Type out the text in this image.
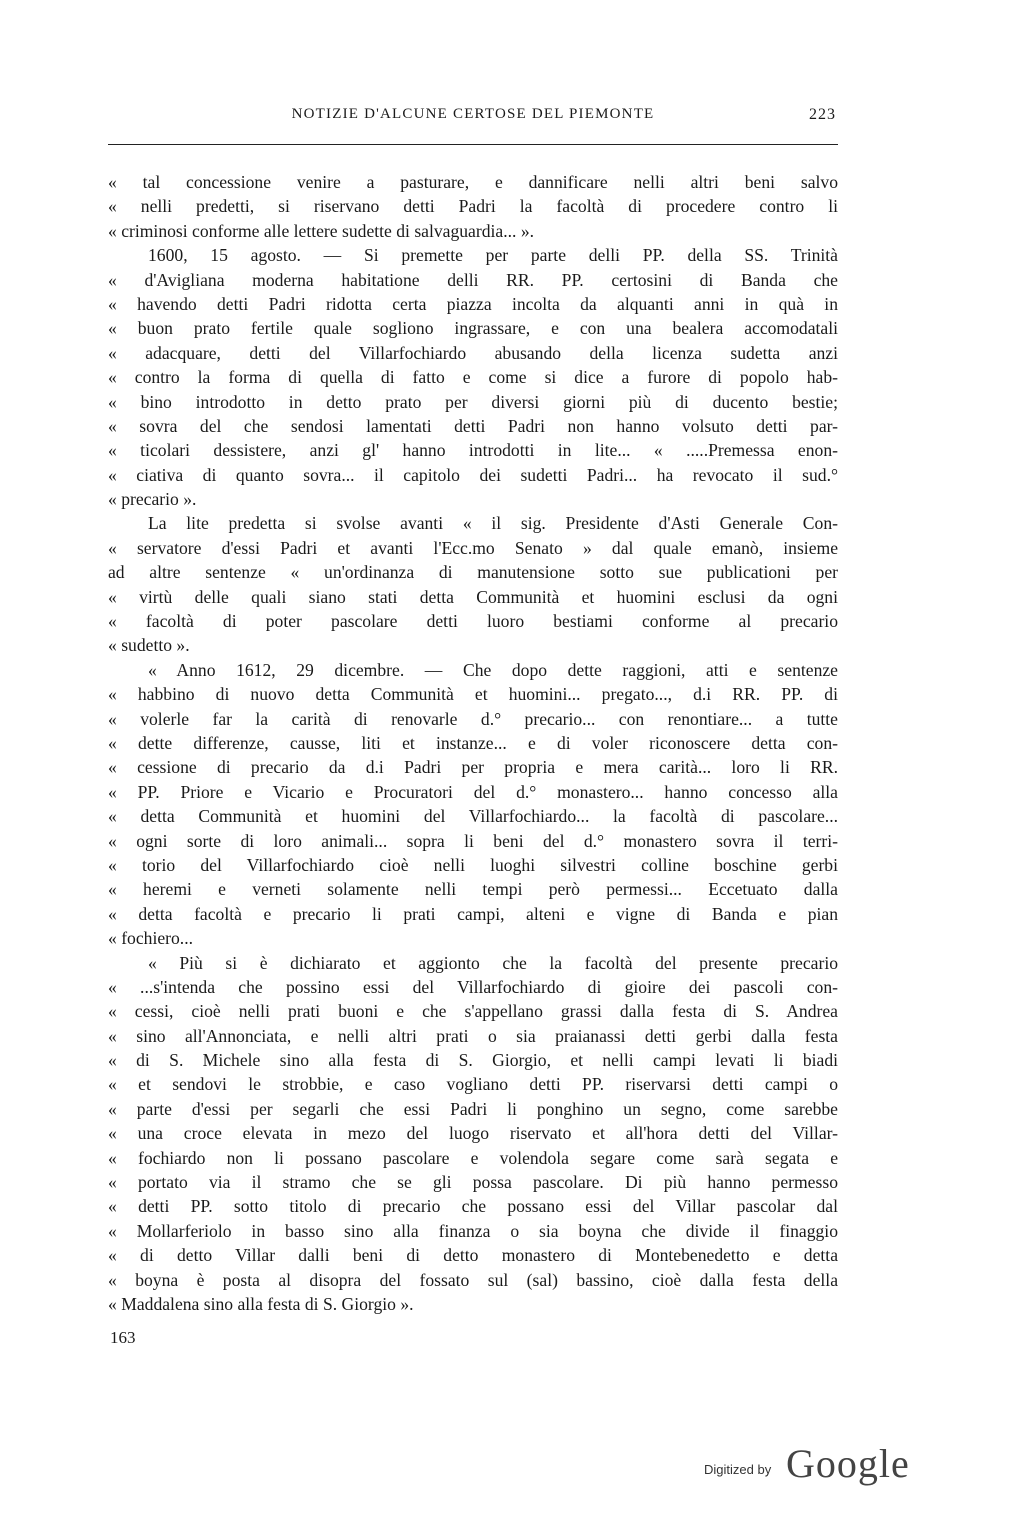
NOTIZIE D'ALCUNE CERTOSE DEL PIEMONTE	223
« tal concessione venire a pasturare, e dannificare nelli altri beni salvo
« nelli predetti, si riservano detti Padri la facoltà di procedere contro li
« criminosi conforme alle lettere sudette di salvaguardia... ».
1600, 15 agosto. — Si premette per parte delli PP. della SS. Trinità
« d'Avigliana moderna habitatione delli RR. PP. certosini di Banda che
« havendo detti Padri ridotta certa piazza incolta da alquanti anni in quà in
« buon prato fertile quale sogliono ingrassare, e con una bealera accomodatali
« adacquare, detti del Villarfochiardo abusando della licenza sudetta anzi
« contro la forma di quella di fatto e come si dice a furore di popolo hab-
« bino introdotto in detto prato per diversi giorni più di ducento bestie;
« sovra del che sendosi lamentati detti Padri non hanno volsuto detti par-
« ticolari dessistere, anzi gl' hanno introdotti in lite... « .....Premessa enon-
« ciativa di quanto sovra... il capitolo dei sudetti Padri... ha revocato il sud.°
« precario ».
La lite predetta si svolse avanti « il sig. Presidente d'Asti Generale Con-
« servatore d'essi Padri et avanti l'Ecc.mo Senato » dal quale emanò, insieme
ad altre sentenze « un'ordinanza di manutensione sotto sue publicationi per
« virtù delle quali siano stati detta Communità et huomini esclusi da ogni
« facoltà di poter pascolare detti luoro bestiami conforme al precario
« sudetto ».
« Anno 1612, 29 dicembre. — Che dopo dette raggioni, atti e sentenze
« habbino di nuovo detta Communità et huomini... pregato..., d.i RR. PP. di
« volerle far la carità di renovarle d.° precario... con renontiare... a tutte
« dette differenze, causse, liti et instanze... e di voler riconoscere detta con-
« cessione di precario da d.i Padri per propria e mera carità... loro li RR.
« PP. Priore e Vicario e Procuratori del d.° monastero... hanno concesso alla
« detta Communità et huomini del Villarfochiardo... la facoltà di pascolare...
« ogni sorte di loro animali... sopra li beni del d.° monastero sovra il terri-
« torio del Villarfochiardo cioè nelli luoghi silvestri colline boschine gerbi
« heremi e verneti solamente nelli tempi però permessi... Eccetuato dalla
« detta facoltà e precario li prati campi, alteni e vigne di Banda e pian
« fochiero...
« Più si è dichiarato et aggionto che la facoltà del presente precario
« ...s'intenda che possino essi del Villarfochiardo di gioire dei pascoli con-
« cessi, cioè nelli prati buoni e che s'appellano grassi dalla festa di S. Andrea
« sino all'Annonciata, e nelli altri prati o sia praianassi detti gerbi dalla festa
« di S. Michele sino alla festa di S. Giorgio, et nelli campi levati li biadi
« et sendovi le strobbie, e caso vogliano detti PP. riservarsi detti campi o
« parte d'essi per segarli che essi Padri li ponghino un segno, come sarebbe
« una croce elevata in mezo del luogo riservato et all'hora detti del Villar-
« fochiardo non li possano pascolare e volendola segare come sarà segata e
« portato via il stramo che se gli possa pascolare. Di più hanno permesso
« detti PP. sotto titolo di precario che possano essi del Villar pascolar dal
« Mollarferiolo in basso sino alla finanza o sia boyna che divide il finaggio
« di detto Villar dalli beni di detto monastero di Montebenedetto e detta
« boyna è posta al disopra del fossato sul (sal) bassino, cioè dalla festa della
« Maddalena sino alla festa di S. Giorgio ».
163
Digitized by Google
